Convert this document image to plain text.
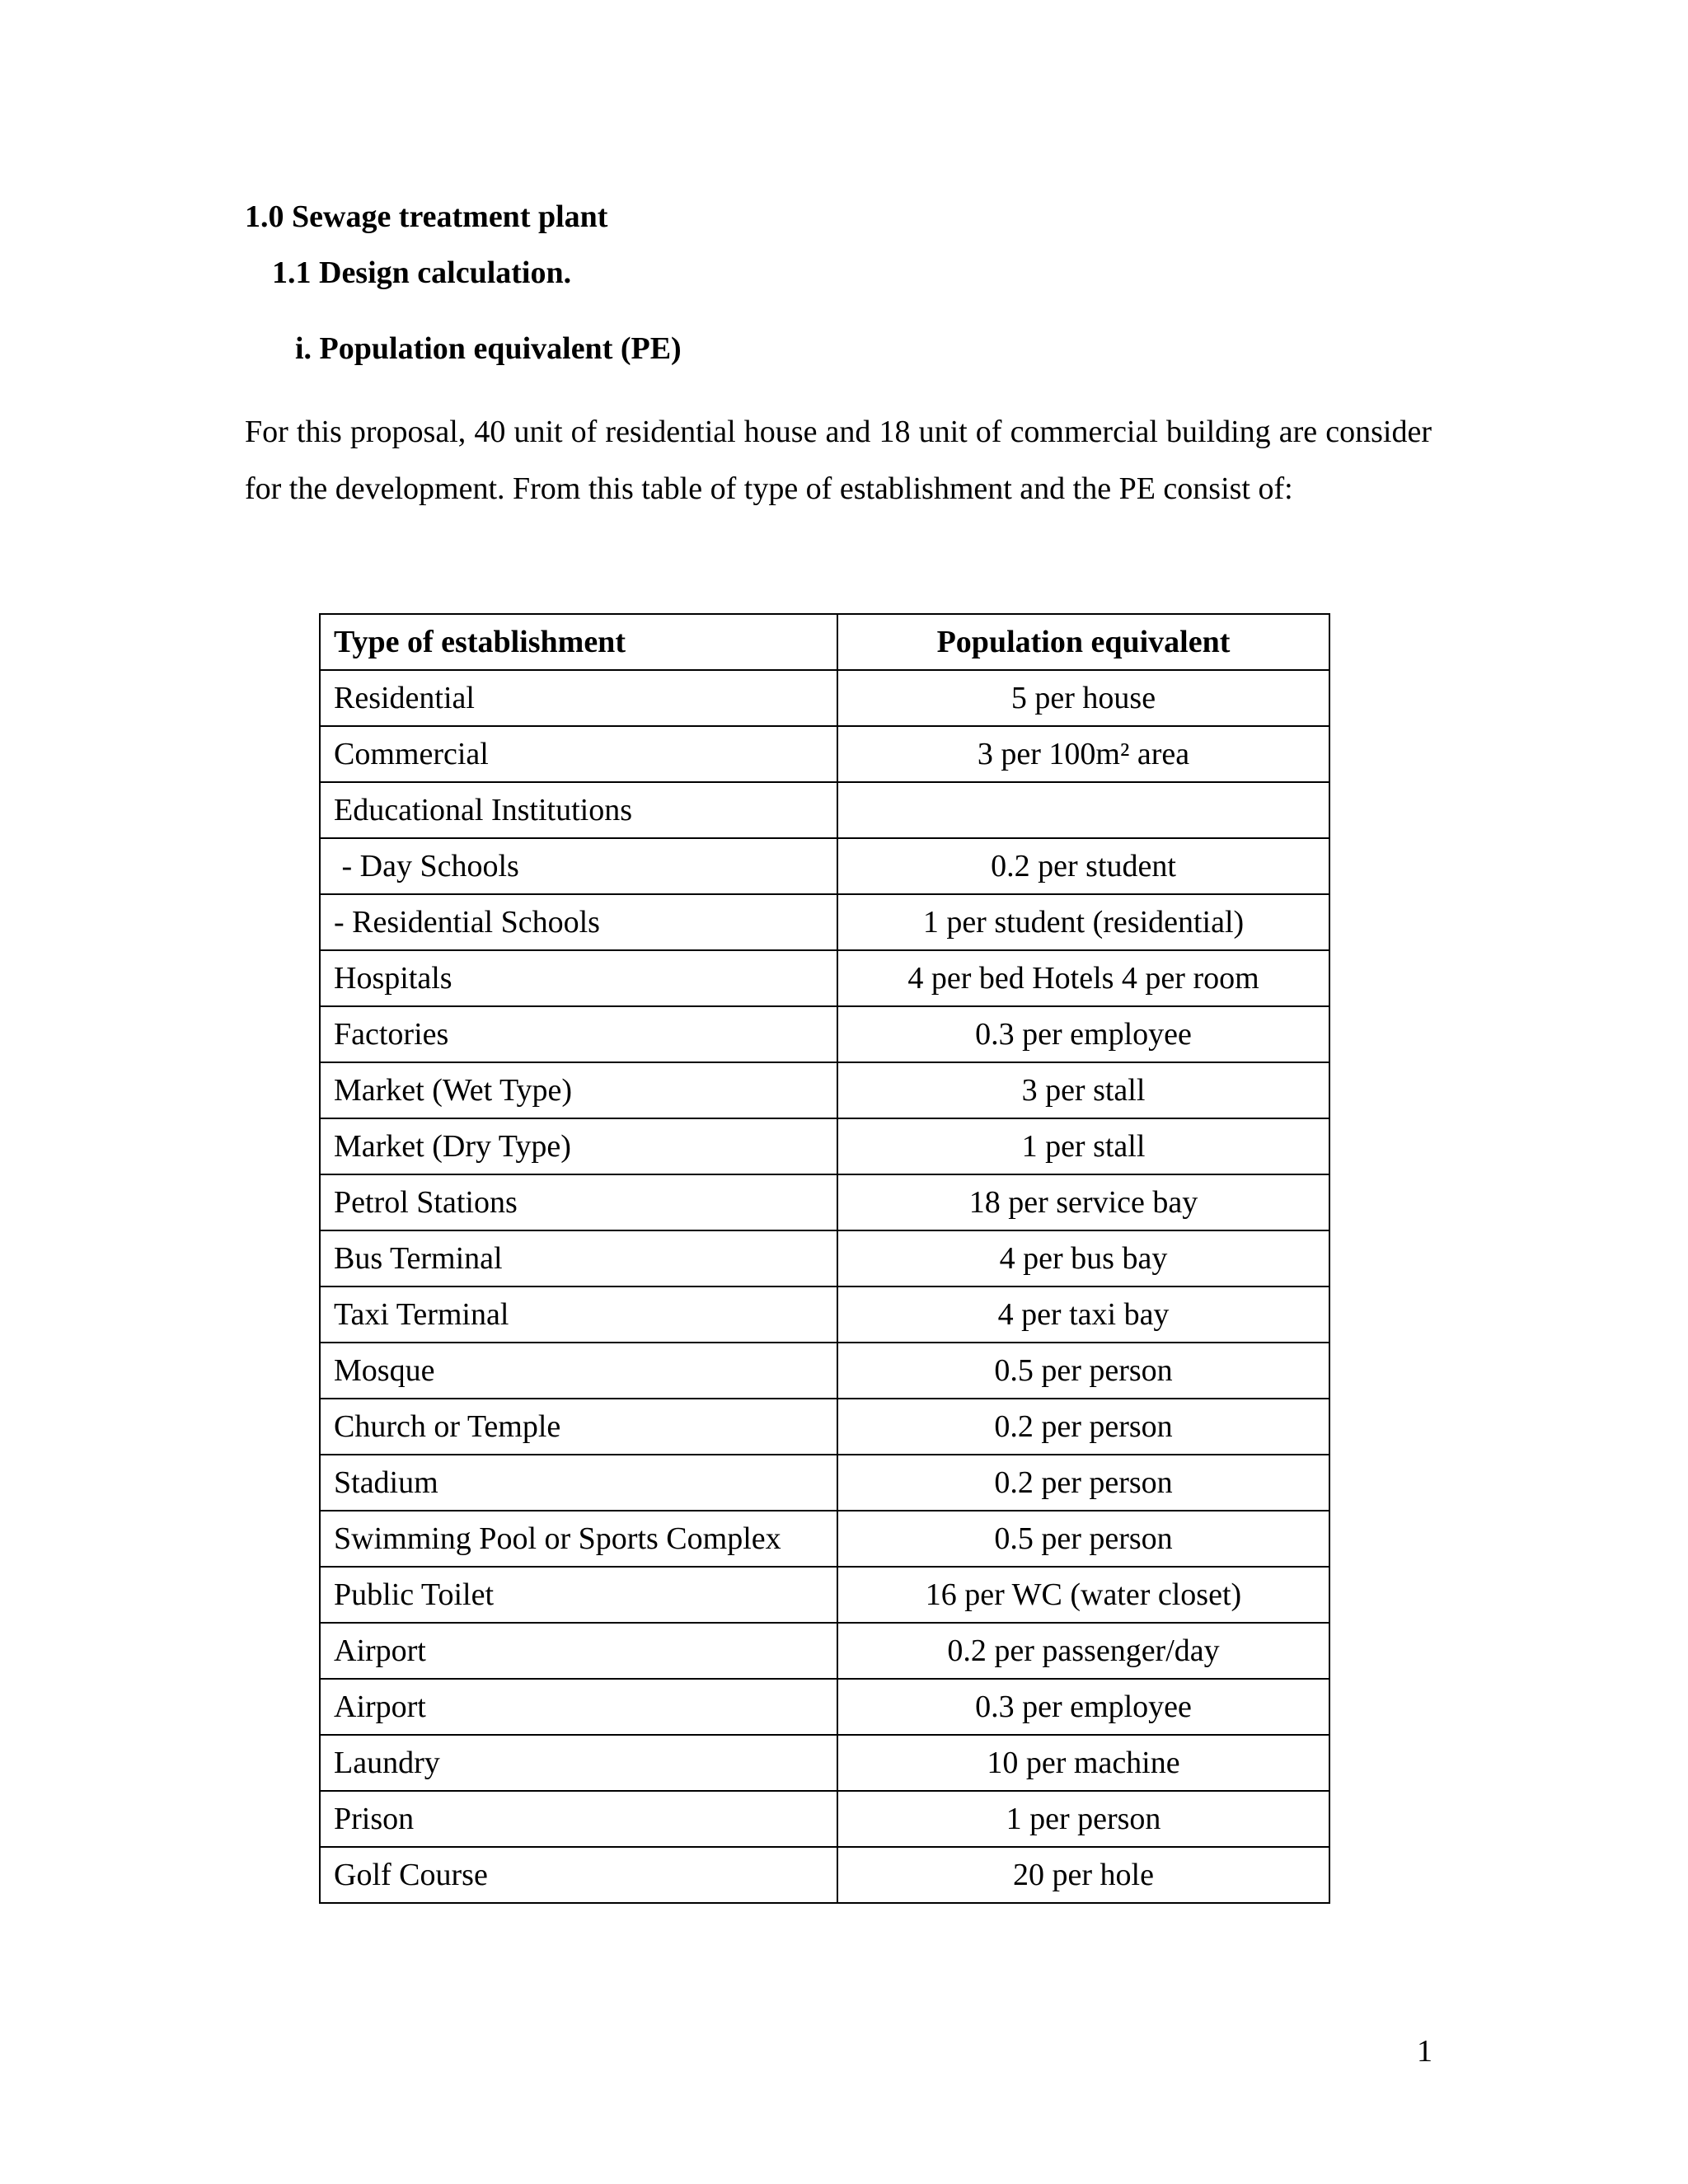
1.0 Sewage treatment plant
1.1 Design calculation.
i. Population equivalent (PE)

For this proposal, 40 unit of residential house and 18 unit of commercial building are consider for the development. From this table of type of establishment and the PE consist of:

Type of establishment	Population equivalent
Residential	5 per house
Commercial	3 per 100m² area
Educational Institutions	
- Day Schools	0.2 per student
- Residential Schools	1 per student (residential)
Hospitals	4 per bed Hotels 4 per room
Factories	0.3 per employee
Market (Wet Type)	3 per stall
Market (Dry Type)	1 per stall
Petrol Stations	18 per service bay
Bus Terminal	4 per bus bay
Taxi Terminal	4 per taxi bay
Mosque	0.5 per person
Church or Temple	0.2 per person
Stadium	0.2 per person
Swimming Pool or Sports Complex	0.5 per person
Public Toilet	16 per WC (water closet)
Airport	0.2 per passenger/day
Airport	0.3 per employee
Laundry	10 per machine
Prison	1 per person
Golf Course	20 per hole
1
